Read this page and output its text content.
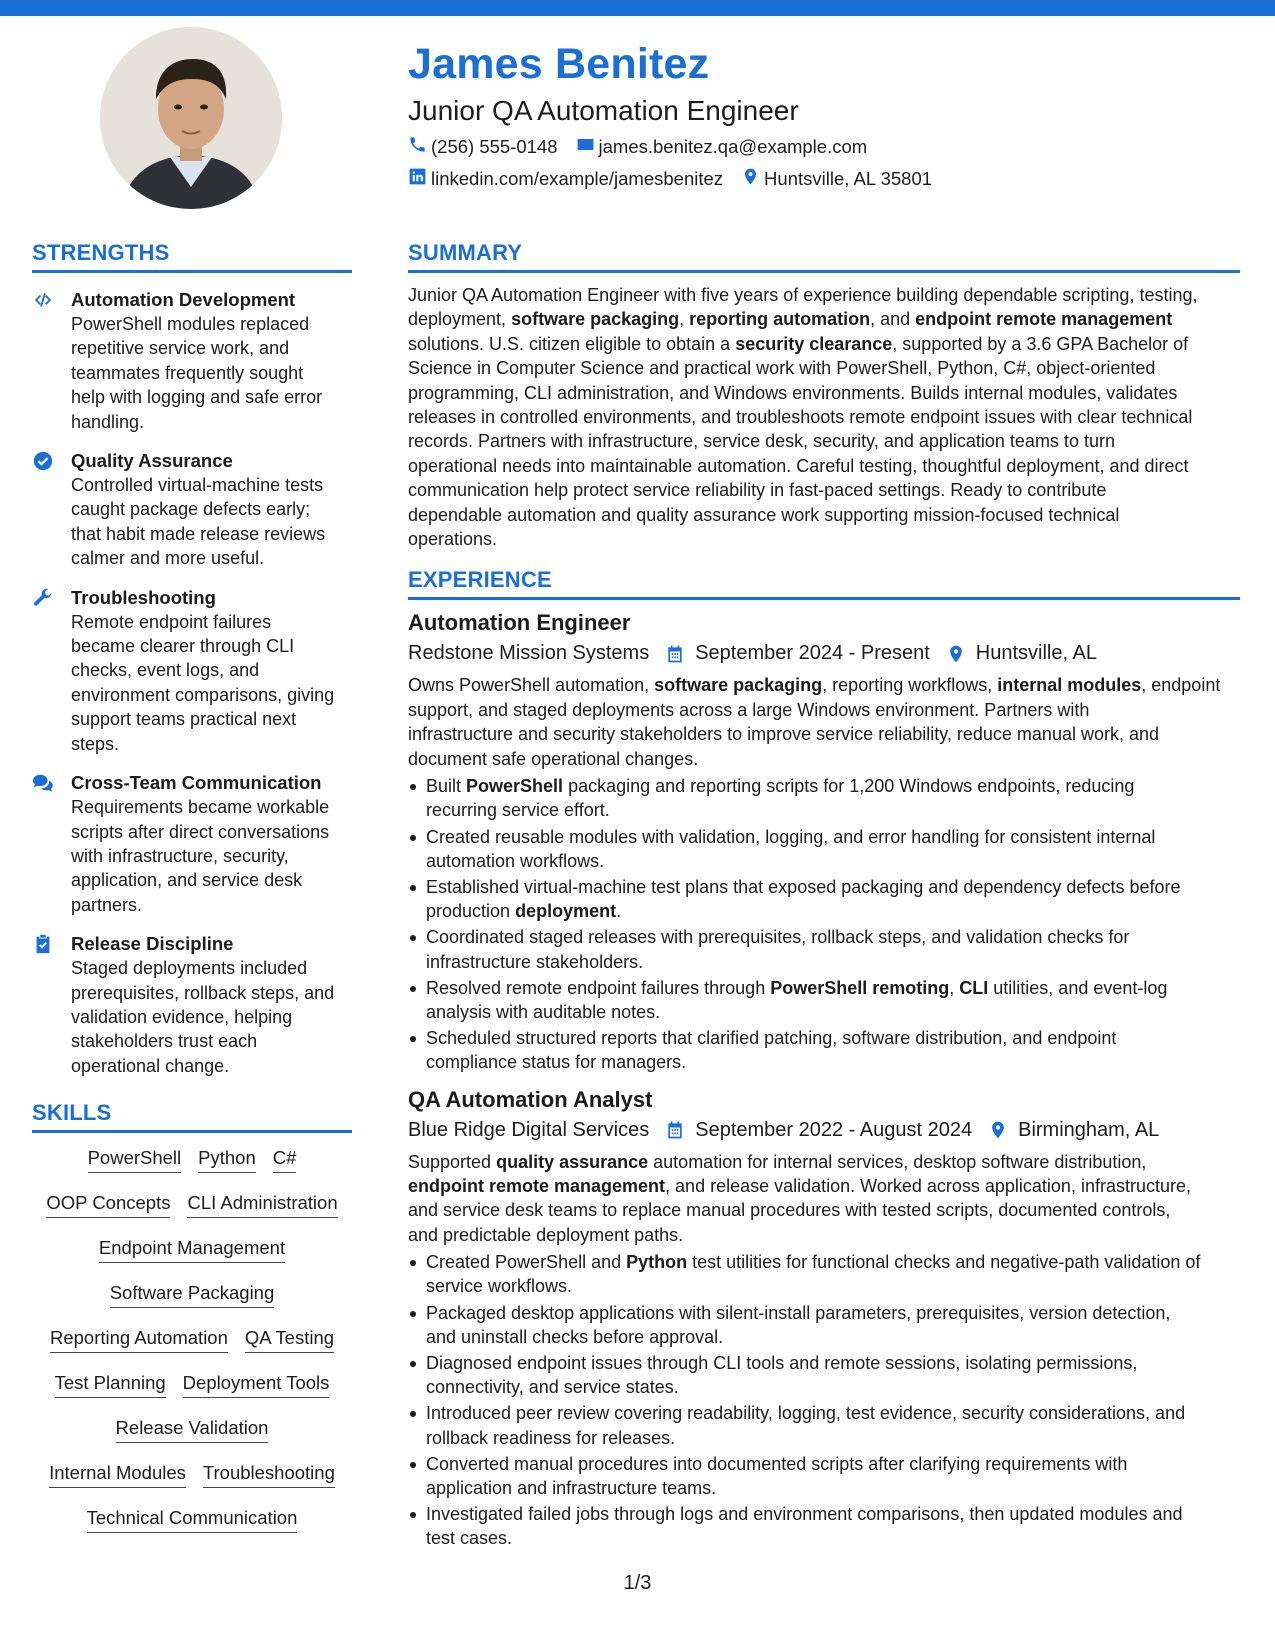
James Benitez
Junior QA Automation Engineer
(256) 555-0148 james.benitez.qa@example.com
linkedin.com/example/jamesbenitez Huntsville, AL 35801
STRENGTHS
Automation Development
PowerShell modules replaced
repetitive service work, and
teammates frequently sought
help with logging and safe error
handling.
Quality Assurance
Controlled virtual-machine tests
caught package defects early;
that habit made release reviews
calmer and more useful.
Troubleshooting
Remote endpoint failures
became clearer through CLI
checks, event logs, and
environment comparisons, giving
support teams practical next
steps.
Cross-Team Communication
Requirements became workable
scripts after direct conversations
with infrastructure, security,
application, and service desk
partners.
Release Discipline
Staged deployments included
prerequisites, rollback steps, and
validation evidence, helping
stakeholders trust each
operational change.
SKILLS
PowerShell Python C#
OOP Concepts CLI Administration
Endpoint Management
Software Packaging
Reporting Automation QA Testing
Test Planning Deployment Tools
Release Validation
Internal Modules Troubleshooting
Technical Communication
SUMMARY
Junior QA Automation Engineer with five years of experience building dependable scripting, testing,
deployment, software packaging, reporting automation, and endpoint remote management
solutions. U.S. citizen eligible to obtain a security clearance, supported by a 3.6 GPA Bachelor of
Science in Computer Science and practical work with PowerShell, Python, C#, object-oriented
programming, CLI administration, and Windows environments. Builds internal modules, validates
releases in controlled environments, and troubleshoots remote endpoint issues with clear technical
records. Partners with infrastructure, service desk, security, and application teams to turn
operational needs into maintainable automation. Careful testing, thoughtful deployment, and direct
communication help protect service reliability in fast-paced settings. Ready to contribute
dependable automation and quality assurance work supporting mission-focused technical
operations.
EXPERIENCE
Automation Engineer
Redstone Mission Systems September 2024 - Present Huntsville, AL
Owns PowerShell automation, software packaging, reporting workflows, internal modules, endpoint
support, and staged deployments across a large Windows environment. Partners with
infrastructure and security stakeholders to improve service reliability, reduce manual work, and
document safe operational changes.
Built PowerShell packaging and reporting scripts for 1,200 Windows endpoints, reducing
recurring service effort.
Created reusable modules with validation, logging, and error handling for consistent internal
automation workflows.
Established virtual-machine test plans that exposed packaging and dependency defects before
production deployment.
Coordinated staged releases with prerequisites, rollback steps, and validation checks for
infrastructure stakeholders.
Resolved remote endpoint failures through PowerShell remoting, CLI utilities, and event-log
analysis with auditable notes.
Scheduled structured reports that clarified patching, software distribution, and endpoint
compliance status for managers.
QA Automation Analyst
Blue Ridge Digital Services September 2022 - August 2024 Birmingham, AL
Supported quality assurance automation for internal services, desktop software distribution,
endpoint remote management, and release validation. Worked across application, infrastructure,
and service desk teams to replace manual procedures with tested scripts, documented controls,
and predictable deployment paths.
Created PowerShell and Python test utilities for functional checks and negative-path validation of
service workflows.
Packaged desktop applications with silent-install parameters, prerequisites, version detection,
and uninstall checks before approval.
Diagnosed endpoint issues through CLI tools and remote sessions, isolating permissions,
connectivity, and service states.
Introduced peer review covering readability, logging, test evidence, security considerations, and
rollback readiness for releases.
Converted manual procedures into documented scripts after clarifying requirements with
application and infrastructure teams.
Investigated failed jobs through logs and environment comparisons, then updated modules and
test cases.
1/3
